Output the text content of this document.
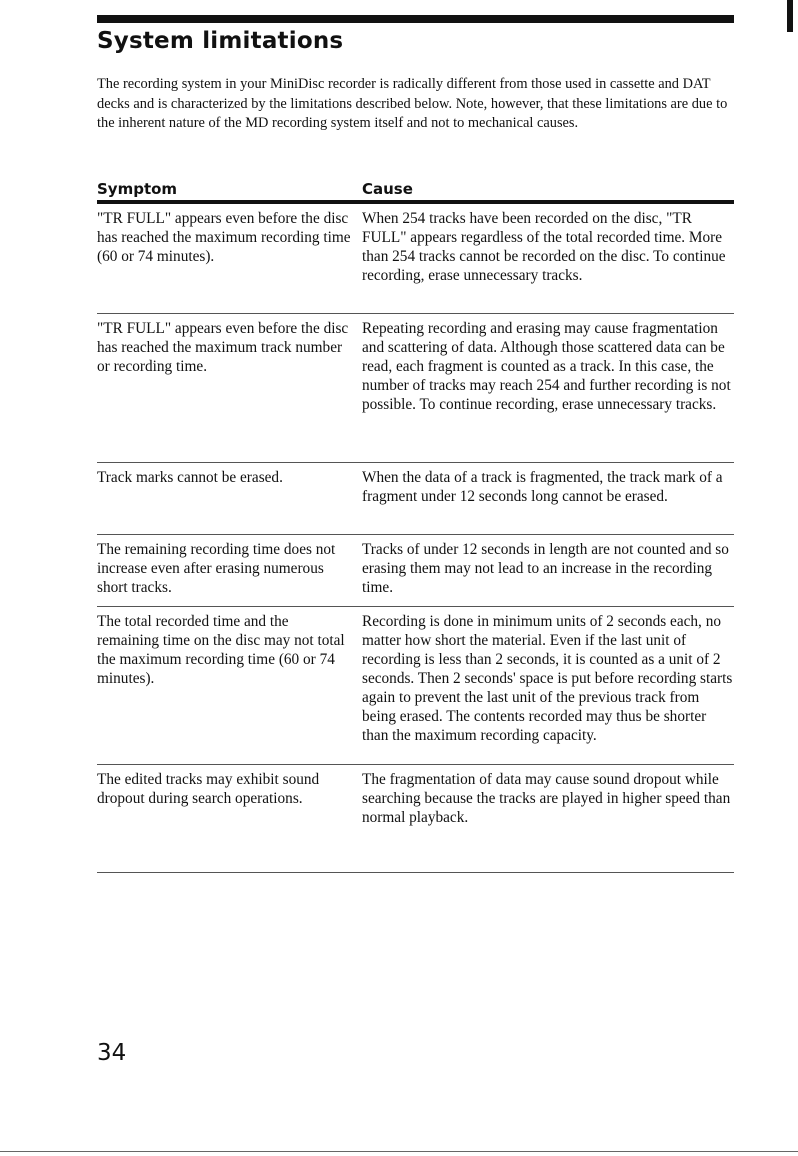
System limitations

The recording system in your MiniDisc recorder is radically different from those used in cassette and DAT decks and is characterized by the limitations described below. Note, however, that these limitations are due to the inherent nature of the MD recording system itself and not to mechanical causes.

Symptom	Cause
"TR FULL" appears even before the disc has reached the maximum recording time (60 or 74 minutes).
When 254 tracks have been recorded on the disc, "TR FULL" appears regardless of the total recorded time. More than 254 tracks cannot be recorded on the disc. To continue recording, erase unnecessary tracks.
"TR FULL" appears even before the disc has reached the maximum track number or recording time.
Repeating recording and erasing may cause fragmentation and scattering of data. Although those scattered data can be read, each fragment is counted as a track. In this case, the number of tracks may reach 254 and further recording is not possible. To continue recording, erase unnecessary tracks.
Track marks cannot be erased.	When the data of a track is fragmented, the track mark of a fragment under 12 seconds long cannot be erased.
The remaining recording time does not increase even after erasing numerous short tracks.
Tracks of under 12 seconds in length are not counted and so erasing them may not lead to an increase in the recording time.
The total recorded time and the remaining time on the disc may not total the maximum recording time (60 or 74 minutes).
Recording is done in minimum units of 2 seconds each, no matter how short the material. Even if the last unit of recording is less than 2 seconds, it is counted as a unit of 2 seconds. Then 2 seconds' space is put before recording starts again to prevent the last unit of the previous track from being erased. The contents recorded may thus be shorter than the maximum recording capacity.
The edited tracks may exhibit sound dropout during search operations.
The fragmentation of data may cause sound dropout while searching because the tracks are played in higher speed than normal playback.
34
